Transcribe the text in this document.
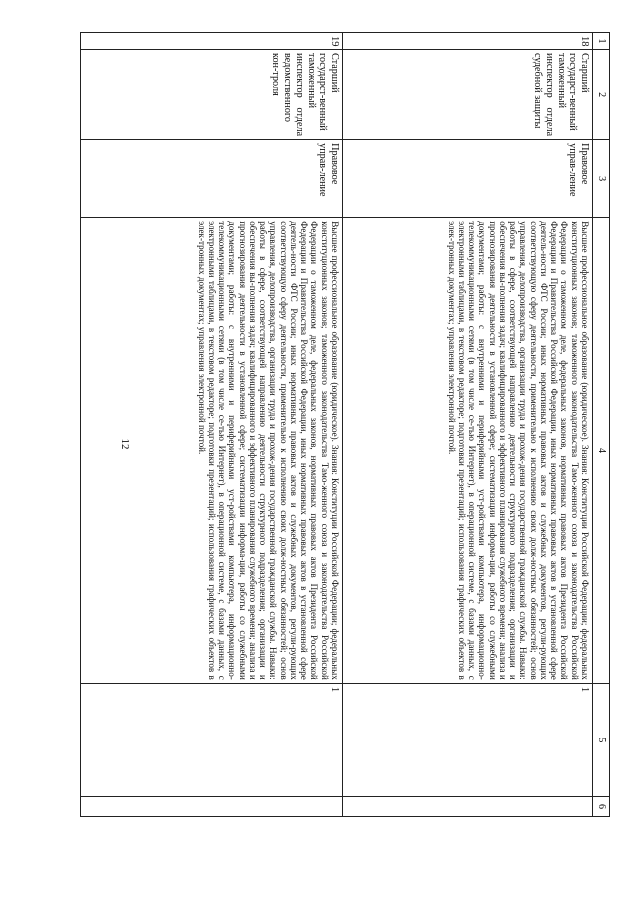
12
1	2	3	4	5	6
18	Старший государст-венный таможенный инспектор отдела судебной защиты	Правовое управ-ление	Высшее профессиональное образование (юридическое). Знания: Конституции Российской Федерации; федеральных конституционных законов; таможенного законодательства Тамо-женного союза и законодательства Российской Федерации о таможенном деле, федеральных законов, нормативных правовых актов Президента Российской Федерации и Правительства Российской Федерации, иных нормативных правовых актов в установленной сфере деятель-ности ФТС России; иных нормативных правовых актов и служебных документов, регули-рующих соответствующую сферу деятельности, применительно к исполнению своих долж-ностных обязанностей; основ управления, делопроизводства, организации труда и прохож-дения государственной гражданской службы. Навыки: работы в сфере, соответствующей направлению деятельности структурного подразделения; организации и обеспечения вы-полнения задач; квалифицированного и эффективного планирования служебного времени; анализа и прогнозирования деятельности в установленной сфере; систематизации информа-ции, работы со служебными документами; работы: с внутренними и периферийными уст-ройствами компьютера, информационно-телекоммуникационными сетями (в том числе се-тью Интернет), в операционной системе, с базами данных, с электронными таблицами, в текстовом редакторе; подготовки презентаций; использования графических объектов в элек-тронных документах; управления электронной почтой.	1	
19	Старший государст-венный таможенный инспектор отдела ведомственного кон-троля	Правовое управ-ление	Высшее профессиональное образование (юридическое). Знания: Конституции Российской Федерации; федеральных конституционных законов; таможенного законодательства Тамо-женного союза и законодательства Российской Федерации о таможенном деле, федеральных законов, нормативных правовых актов Президента Российской Федерации и Правительства Российской Федерации, иных нормативных правовых актов в установленной сфере деятель-ности ФТС России; иных нормативных правовых актов и служебных документов, регули-рующих соответствующую сферу деятельности, применительно к исполнению своих долж-ностных обязанностей; основ управления, делопроизводства, организации труда и прохож-дения государственной гражданской службы. Навыки: работы в сфере, соответствующей направлению деятельности структурного подразделения; организации и обеспечения вы-полнения задач; квалифицированного и эффективного планирования служебного времени; анализа и прогнозирования деятельности в установленной сфере; систематизации информа-ции, работы со служебными документами; работы: с внутренними и периферийными уст-ройствами компьютера, информационно-телекоммуникационными сетями (в том числе се-тью Интернет), в операционной системе, с базами данных, с электронными таблицами, в текстовом редакторе; подготовки презентаций; использования графических объектов в элек-тронных документах; управления электронной почтой.	1	
